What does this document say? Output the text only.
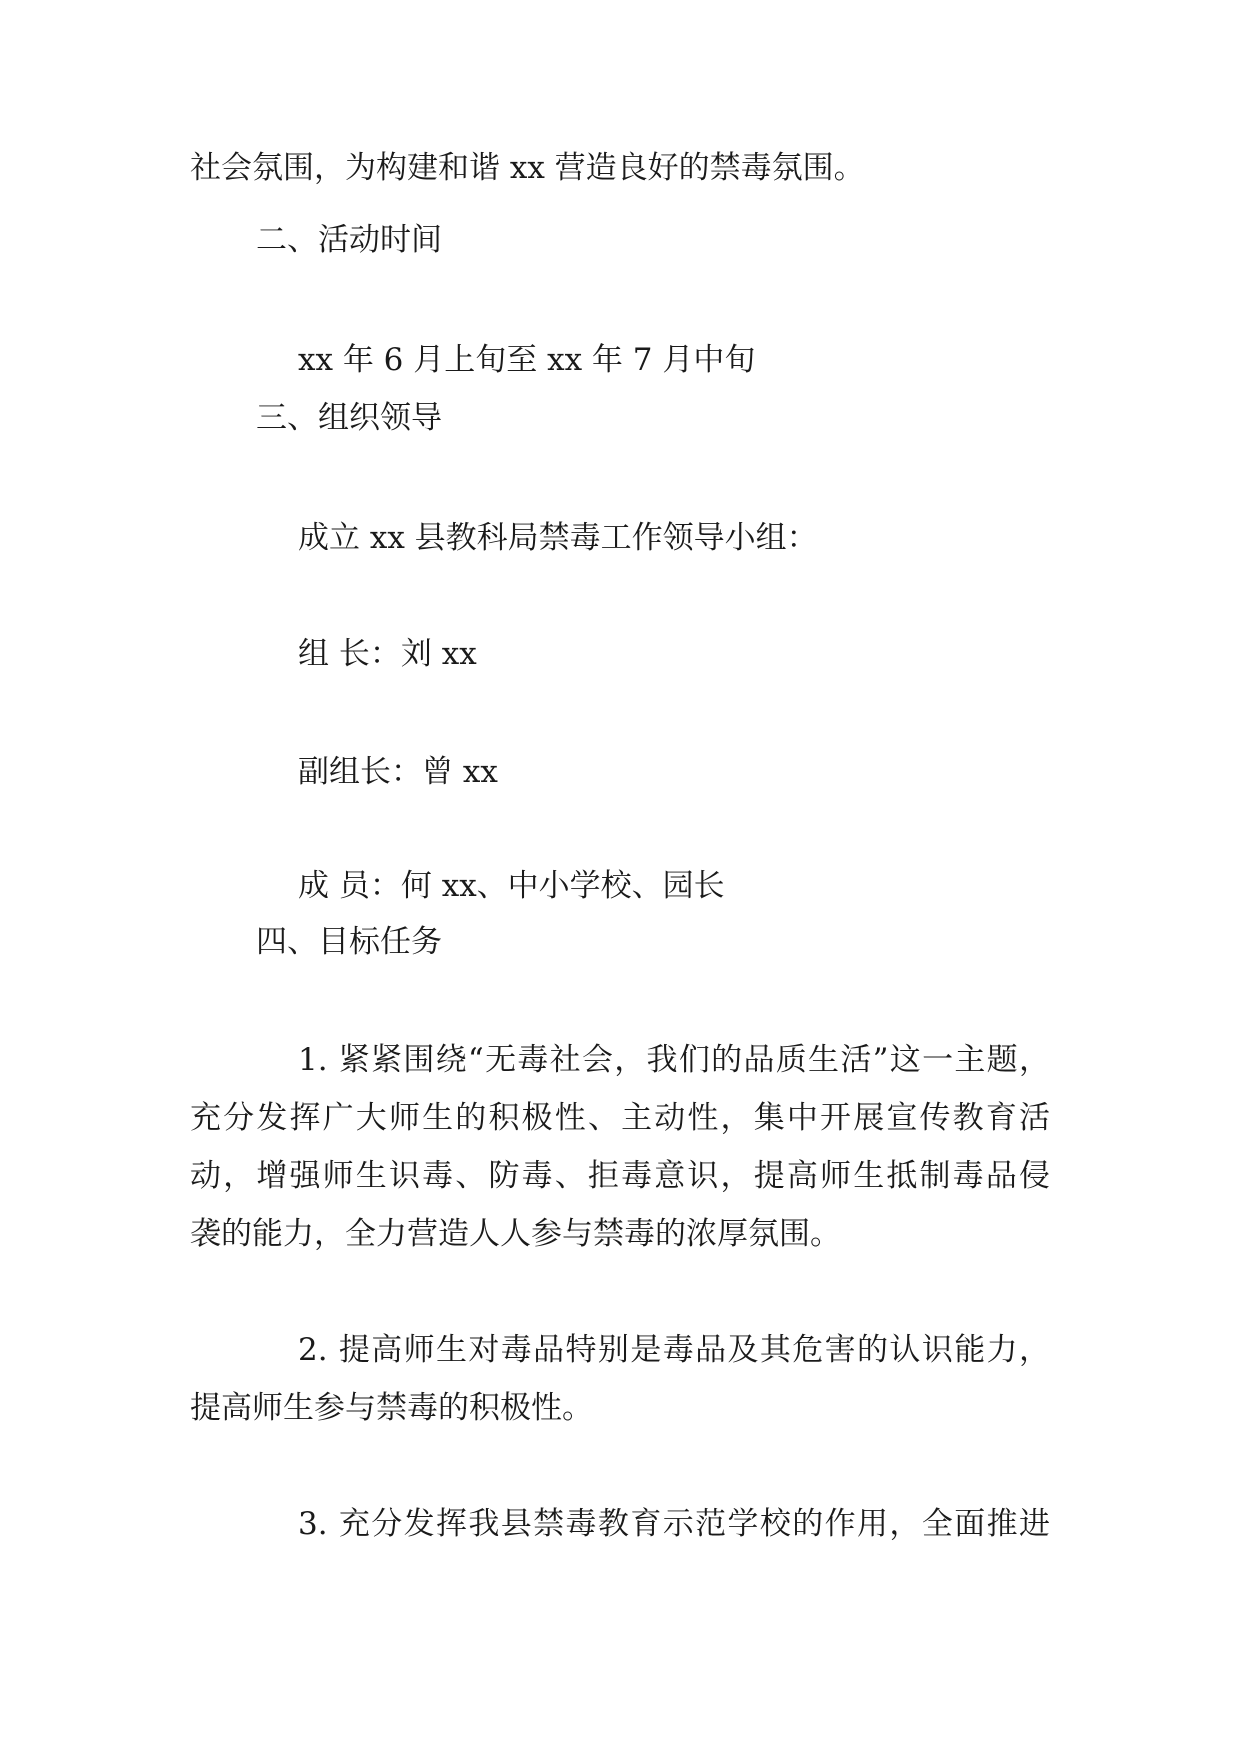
社会氛围，为构建和谐 xx 营造良好的禁毒氛围。

二、活动时间

xx 年 6 月上旬至 xx 年 7 月中旬

三、组织领导

成立 xx 县教科局禁毒工作领导小组：

组 长：刘 xx

副组长：曾 xx

成 员：何 xx、中小学校、园长

四、目标任务

1. 紧紧围绕“无毒社会，我们的品质生活”这一主题，

充分发挥广大师生的积极性、主动性，集中开展宣传教育活

动，增强师生识毒、防毒、拒毒意识，提高师生抵制毒品侵

袭的能力，全力营造人人参与禁毒的浓厚氛围。

2. 提高师生对毒品特别是毒品及其危害的认识能力，

提高师生参与禁毒的积极性。

3. 充分发挥我县禁毒教育示范学校的作用，全面推进
